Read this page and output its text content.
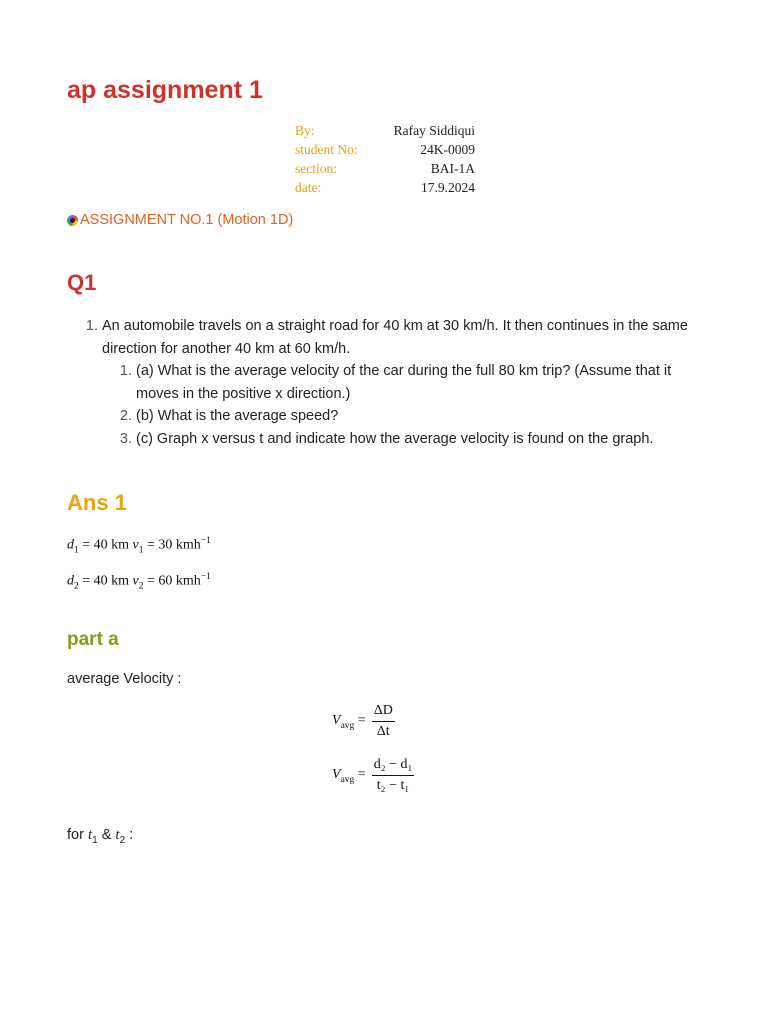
ap assignment 1
By:	Rafay Siddiqui
student No:	24K-0009
section:	BAI-1A
date:	17.9.2024
ASSIGNMENT NO.1 (Motion 1D)
Q1
1. An automobile travels on a straight road for 40 km at 30 km/h. It then continues in the same direction for another 40 km at 60 km/h.
1. (a) What is the average velocity of the car during the full 80 km trip? (Assume that it moves in the positive x direction.)
2. (b) What is the average speed?
3. (c) Graph x versus t and indicate how the average velocity is found on the graph.
Ans 1
$d_1 = 40$ km $v_1 = 30$ kmh$^{-1}$
$d_2 = 40$ km $v_2 = 60$ kmh$^{-1}$
part a
average Velocity :
$V_{avg} = \frac{\Delta D}{\Delta t}$
$V_{avg} = \frac{\text{d₂ − d₁}}{\text{t₂ − t₁}}$
for $t_1$ & $t_2$ :
